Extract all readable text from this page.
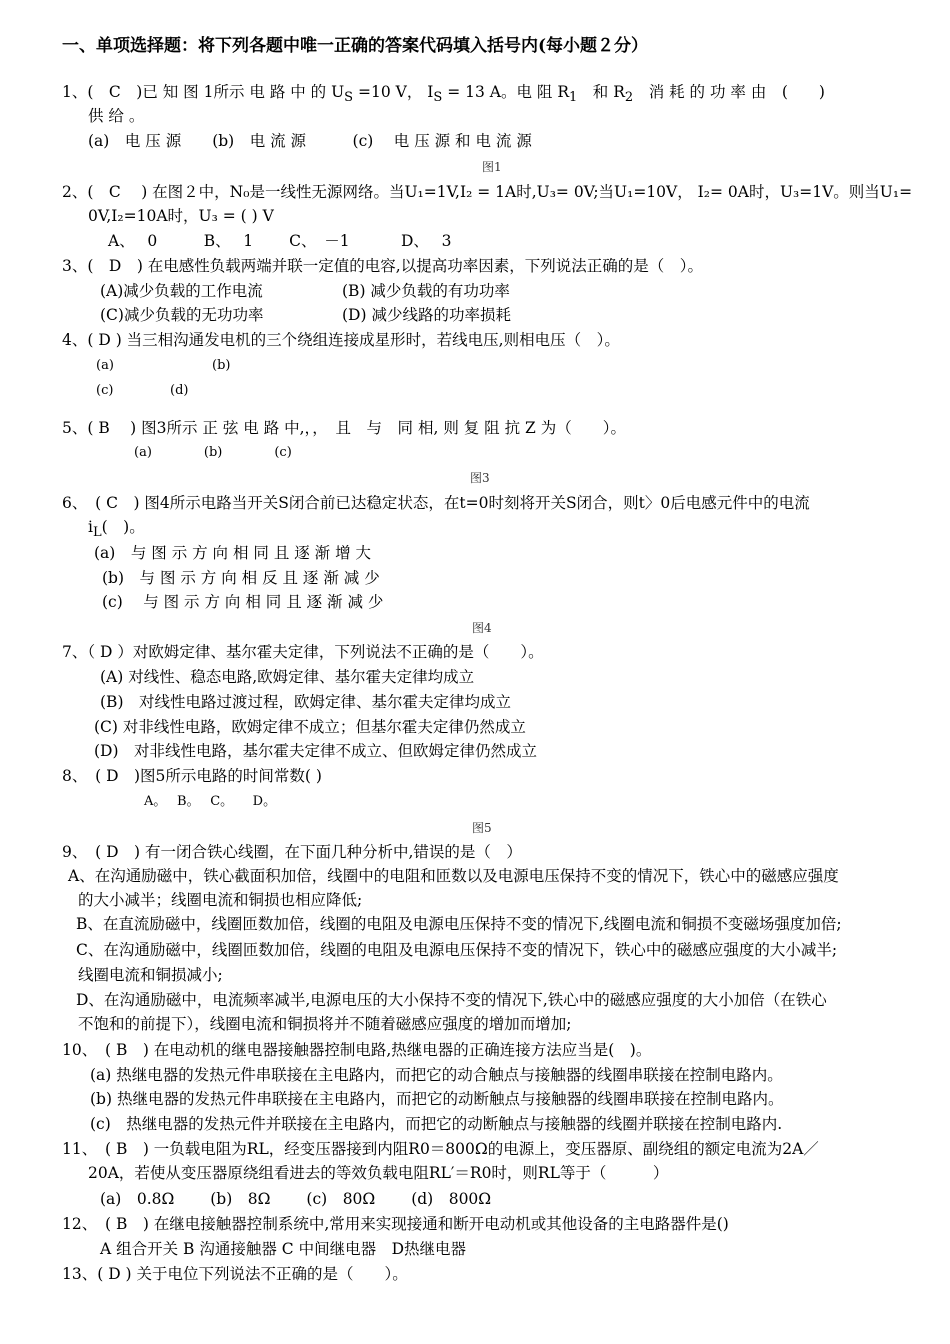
一、单项选择题：将下列各题中唯一正确的答案代码填入括号内(每小题２分）
1、(　C　)已 知 图 1所示 电 路 中 的 $U_S =10$ V， $I_S = 13$ A。电 阻 $R_1$　和 $R_2$　消 耗 的 功 率 由　(　　)
供 给 。
(a)　电 压 源　　(b)　电 流 源　　　(c)　 电 压 源 和 电 流 源
图1
2、(　C　 ) 在图２中，N₀是一线性无源网络。当U₁=1V,I₂ = 1A时,U₃= 0V;当U₁=10V， I₂= 0A时，U₃=1V。则当U₁=
0V,I₂=10A时，U₃ = ( ) V
A、　 0　　　B、　 1　　 C、　－1　　　 D、　 3
3、(　D　) 在电感性负载两端并联一定值的电容,以提高功率因素，下列说法正确的是（　）。
(A)减少负载的工作电流	(B) 减少负载的有功功率
(C)减少负载的无功功率	(D) 减少线路的功率损耗
4、( D ) 当三相沟通发电机的三个绕组连接成星形时，若线电压,则相电压（　）。
(a)	(b)
(c)	(d)
5、( B　 ) 图3所示 正 弦 电 路 中,，，　且　与　同 相, 则 复 阻 抗 Z 为（　　）。
(a)　　　　(b)　　　　(c)
图3
6、　( C　) 图4所示电路当开关S闭合前已达稳定状态，在t=0时刻将开关S闭合，则t〉0后电感元件中的电流
$i_L$(　)。
(a)　与 图 示 方 向 相 同 且 逐 渐 增 大
(b)　与 图 示 方 向 相 反 且 逐 渐 减 少
(c)　 与 图 示 方 向 相 同 且 逐 渐 减 少
图4
7、（ D ）对欧姆定律、基尔霍夫定律，下列说法不正确的是（　　）。
(A) 对线性、稳态电路,欧姆定律、基尔霍夫定律均成立
(B)　对线性电路过渡过程，欧姆定律、基尔霍夫定律均成立
(C) 对非线性电路，欧姆定律不成立；但基尔霍夫定律仍然成立
(D)　对非线性电路，基尔霍夫定律不成立、但欧姆定律仍然成立
8、　( D　)图5所示电路的时间常数( )
A。　 B。　 C。　　D。
图5
9、　( D　) 有一闭合铁心线圈，在下面几种分析中,错误的是（　）
A、在沟通励磁中，铁心截面积加倍，线圈中的电阻和匝数以及电源电压保持不变的情况下，铁心中的磁感应强度
的大小减半；线圈电流和铜损也相应降低;
B、在直流励磁中，线圈匝数加倍，线圈的电阻及电源电压保持不变的情况下,线圈电流和铜损不变磁场强度加倍;
C、在沟通励磁中，线圈匝数加倍，线圈的电阻及电源电压保持不变的情况下，铁心中的磁感应强度的大小减半;
线圈电流和铜损减小;
D、在沟通励磁中，电流频率减半,电源电压的大小保持不变的情况下,铁心中的磁感应强度的大小加倍（在铁心
不饱和的前提下），线圈电流和铜损将并不随着磁感应强度的增加而增加;
10、　( B　) 在电动机的继电器接触器控制电路,热继电器的正确连接方法应当是(　)。
(a) 热继电器的发热元件串联接在主电路内，而把它的动合触点与接触器的线圈串联接在控制电路内。
(b) 热继电器的发热元件串联接在主电路内，而把它的动断触点与接触器的线圈串联接在控制电路内。
(c)　热继电器的发热元件并联接在主电路内，而把它的动断触点与接触器的线圈并联接在控制电路内.
11、　( B　) 一负载电阻为RL，经变压器接到内阻R0＝800Ω的电源上，变压器原、副绕组的额定电流为2A／
20A，若使从变压器原绕组看进去的等效负载电阻RL′＝R0时，则RL等于（　　　）
(a)　0.8Ω　　 (b)　8Ω　　 (c)　80Ω　　 (d)　800Ω
12、　( B　) 在继电接触器控制系统中,常用来实现接通和断开电动机或其他设备的主电路器件是()
A 组合开关 B 沟通接触器 C 中间继电器　D热继电器
13、( D ) 关于电位下列说法不正确的是（　　）。
